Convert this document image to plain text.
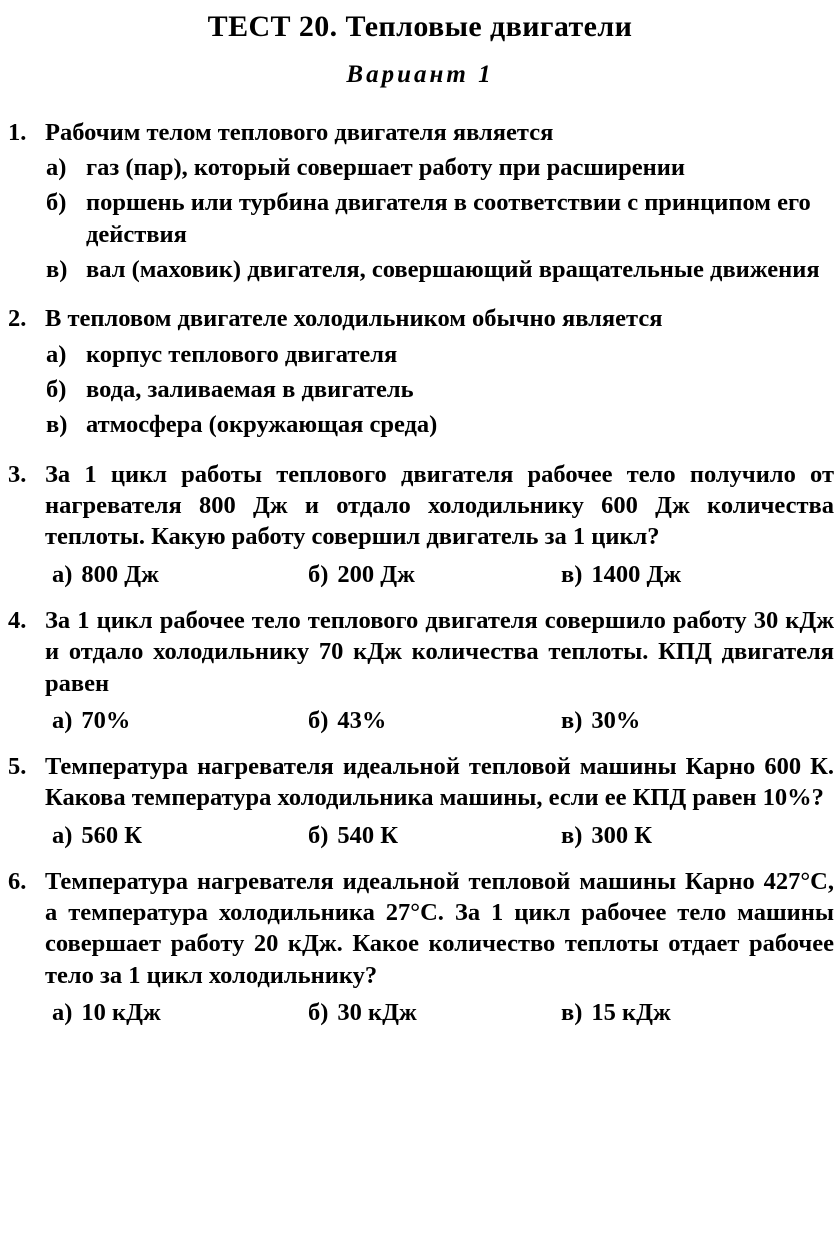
ТЕСТ 20. Тепловые двигатели
Вариант 1
1. Рабочим телом теплового двигателя является
а) газ (пар), который совершает работу при расширении
б) поршень или турбина двигателя в соответствии с принципом его действия
в) вал (маховик) двигателя, совершающий вращательные движения
2. В тепловом двигателе холодильником обычно является
а) корпус теплового двигателя
б) вода, заливаемая в двигатель
в) атмосфера (окружающая среда)
3. За 1 цикл работы теплового двигателя рабочее тело получило от нагревателя 800 Дж и отдало холодильнику 600 Дж количества теплоты. Какую работу совершил двигатель за 1 цикл?
а) 800 Дж	б) 200 Дж	в) 1400 Дж
4. За 1 цикл рабочее тело теплового двигателя совершило работу 30 кДж и отдало холодильнику 70 кДж количества теплоты. КПД двигателя равен
а) 70%	б) 43%	в) 30%
5. Температура нагревателя идеальной тепловой машины Карно 600 К. Какова температура холодильника машины, если ее КПД равен 10%?
а) 560 К	б) 540 К	в) 300 К
6. Температура нагревателя идеальной тепловой машины Карно 427°С, а температура холодильника 27°С. За 1 цикл рабочее тело машины совершает работу 20 кДж. Какое количество теплоты отдает рабочее тело за 1 цикл холодильнику?
а) 10 кДж	б) 30 кДж	в) 15 кДж
